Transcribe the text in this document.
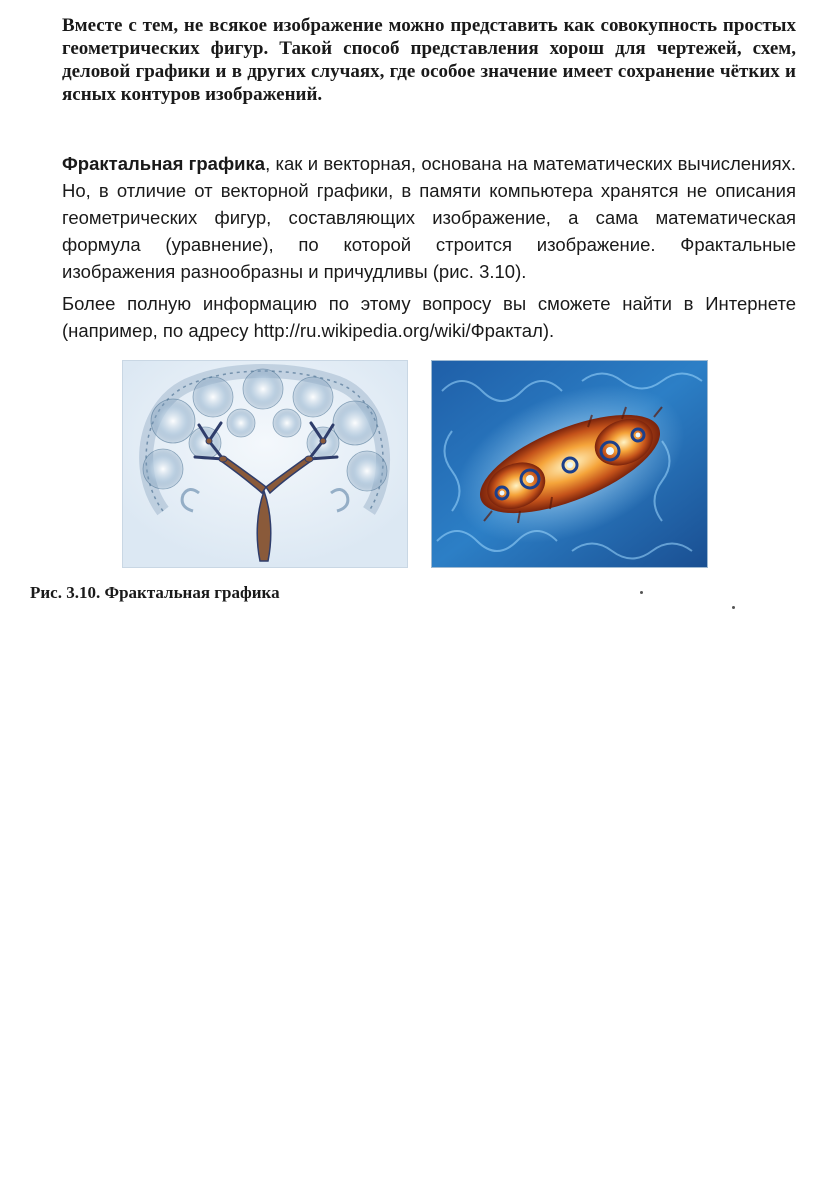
Вместе с тем, не всякое изображение можно представить как совокупность простых геометрических фигур. Такой способ представления хорош для чертежей, схем, деловой графики и в других случаях, где особое значение имеет сохранение чётких и ясных контуров изображений.

Фрактальная графика, как и векторная, основана на математических вычислениях. Но, в отличие от векторной графики, в памяти компьютера хранятся не описания геометрических фигур, составляющих изображение, а сама математическая формула (уравнение), по которой строится изображение. Фрактальные изображения разнообразны и причудливы (рис. 3.10).

Более полную информацию по этому вопросу вы сможете найти в Интернете (например, по адресу http://ru.wikipedia.org/wiki/Фрактал).

Рис. 3.10. Фрактальная графика
